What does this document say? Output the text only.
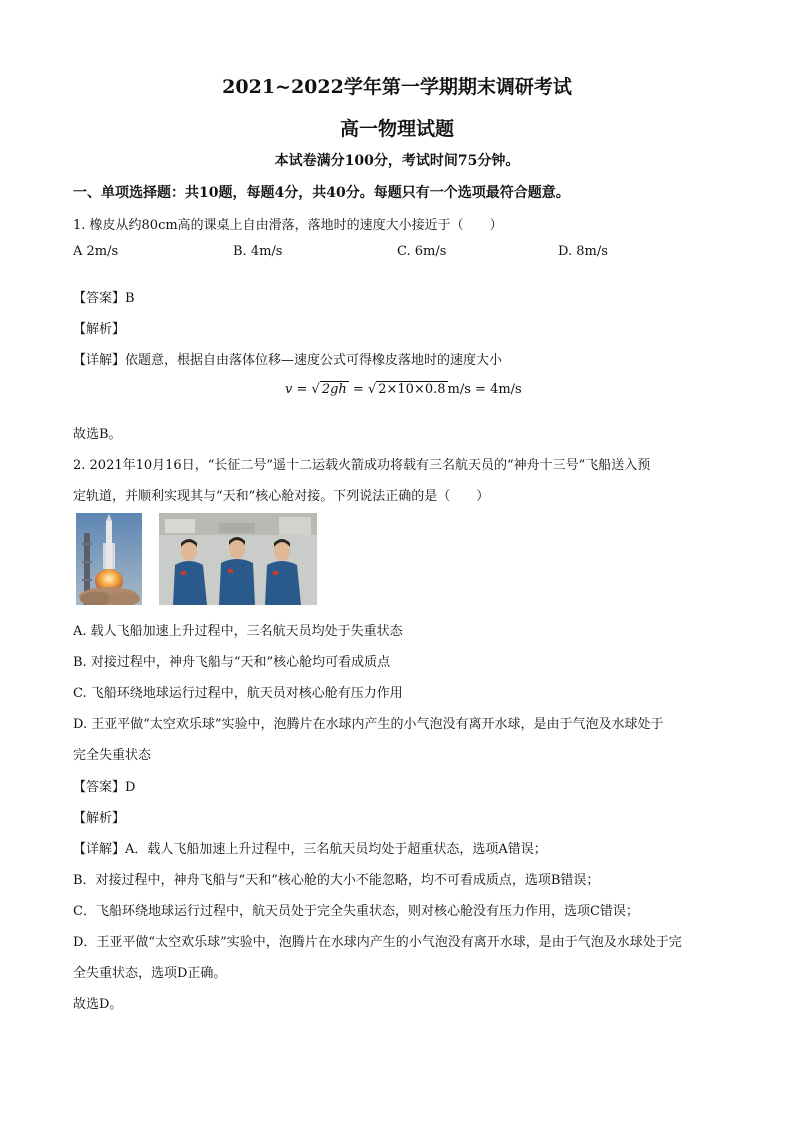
2021~2022学年第一学期期末调研考试
高一物理试题
本试卷满分100分，考试时间75分钟。
一、单项选择题：共10题，每题4分，共40分。每题只有一个选项最符合题意。
1. 橡皮从约80cm高的课桌上自由滑落，落地时的速度大小接近于（　　）
A 2m/s	B. 4m/s	C. 6m/s	D. 8m/s
【答案】B
【解析】
【详解】依题意，根据自由落体位移—速度公式可得橡皮落地时的速度大小
v = √ 2gh = √ 2×10×0.8 m/s = 4m/s
故选B。
2. 2021年10月16日，“长征二号”遥十二运载火箭成功将载有三名航天员的“神舟十三号”飞船送入预
定轨道，并顺利实现其与“天和”核心舱对接。下列说法正确的是（　　）
A. 载人飞船加速上升过程中，三名航天员均处于失重状态
B. 对接过程中，神舟飞船与“天和”核心舱均可看成质点
C. 飞船环绕地球运行过程中，航天员对核心舱有压力作用
D. 王亚平做“太空欢乐球”实验中，泡腾片在水球内产生的小气泡没有离开水球，是由于气泡及水球处于
完全失重状态
【答案】D
【解析】
【详解】A．载人飞船加速上升过程中，三名航天员均处于超重状态，选项A错误；
B．对接过程中，神舟飞船与“天和”核心舱的大小不能忽略，均不可看成质点，选项B错误；
C．飞船环绕地球运行过程中，航天员处于完全失重状态，则对核心舱没有压力作用，选项C错误；
D．王亚平做“太空欢乐球”实验中，泡腾片在水球内产生的小气泡没有离开水球，是由于气泡及水球处于完
全失重状态，选项D正确。
故选D。
